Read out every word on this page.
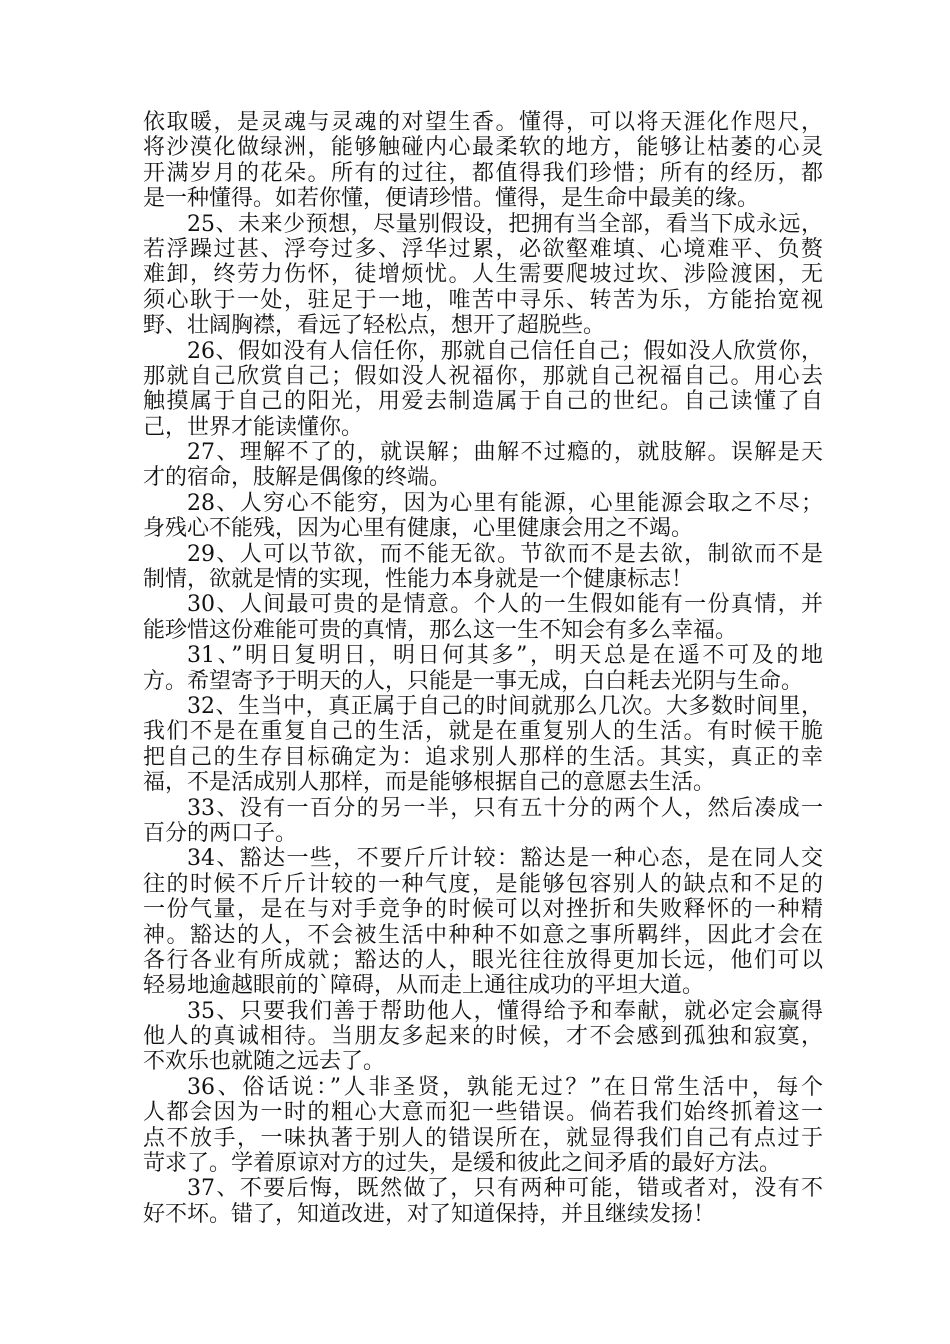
依取暖，是灵魂与灵魂的对望生香。懂得，可以将天涯化作咫尺，
将沙漠化做绿洲，能够触碰内心最柔软的地方，能够让枯萎的心灵
开满岁月的花朵。所有的过往，都值得我们珍惜；所有的经历，都
是一种懂得。如若你懂，便请珍惜。懂得，是生命中最美的缘。
25、未来少预想，尽量别假设，把拥有当全部，看当下成永远，
若浮躁过甚、浮夸过多、浮华过累，必欲壑难填、心境难平、负赘
难卸，终劳力伤怀，徒增烦忧。人生需要爬坡过坎、涉险渡困，无
须心耿于一处，驻足于一地，唯苦中寻乐、转苦为乐，方能抬宽视
野、壮阔胸襟，看远了轻松点，想开了超脱些。
26、假如没有人信任你，那就自己信任自己；假如没人欣赏你，
那就自己欣赏自己；假如没人祝福你，那就自己祝福自己。用心去
触摸属于自己的阳光，用爱去制造属于自己的世纪。自己读懂了自
己，世界才能读懂你。
27、理解不了的，就误解；曲解不过瘾的，就肢解。误解是天
才的宿命，肢解是偶像的终端。
28、人穷心不能穷，因为心里有能源，心里能源会取之不尽；
身残心不能残，因为心里有健康，心里健康会用之不竭。
29、人可以节欲，而不能无欲。节欲而不是去欲，制欲而不是
制情，欲就是情的实现，性能力本身就是一个健康标志！
30、人间最可贵的是情意。个人的一生假如能有一份真情，并
能珍惜这份难能可贵的真情，那么这一生不知会有多么幸福。
31、”明日复明日，明日何其多”，明天总是在遥不可及的地
方。希望寄予于明天的人，只能是一事无成，白白耗去光阴与生命。
32、生当中，真正属于自己的时间就那么几次。大多数时间里，
我们不是在重复自己的生活，就是在重复别人的生活。有时候干脆
把自己的生存目标确定为：追求别人那样的生活。其实，真正的幸
福，不是活成别人那样，而是能够根据自己的意愿去生活。
33、没有一百分的另一半，只有五十分的两个人，然后凑成一
百分的两口子。
34、豁达一些，不要斤斤计较：豁达是一种心态，是在同人交
往的时候不斤斤计较的一种气度，是能够包容别人的缺点和不足的
一份气量，是在与对手竞争的时候可以对挫折和失败释怀的一种精
神。豁达的人，不会被生活中种种不如意之事所羁绊，因此才会在
各行各业有所成就；豁达的人，眼光往往放得更加长远，他们可以
轻易地逾越眼前的`障碍，从而走上通往成功的平坦大道。
35、只要我们善于帮助他人，懂得给予和奉献，就必定会赢得
他人的真诚相待。当朋友多起来的时候，才不会感到孤独和寂寞，
不欢乐也就随之远去了。
36、俗话说：”人非圣贤，孰能无过？”在日常生活中，每个
人都会因为一时的粗心大意而犯一些错误。倘若我们始终抓着这一
点不放手，一味执著于别人的错误所在，就显得我们自己有点过于
苛求了。学着原谅对方的过失，是缓和彼此之间矛盾的最好方法。
37、不要后悔，既然做了，只有两种可能，错或者对，没有不
好不坏。错了，知道改进，对了知道保持，并且继续发扬！
